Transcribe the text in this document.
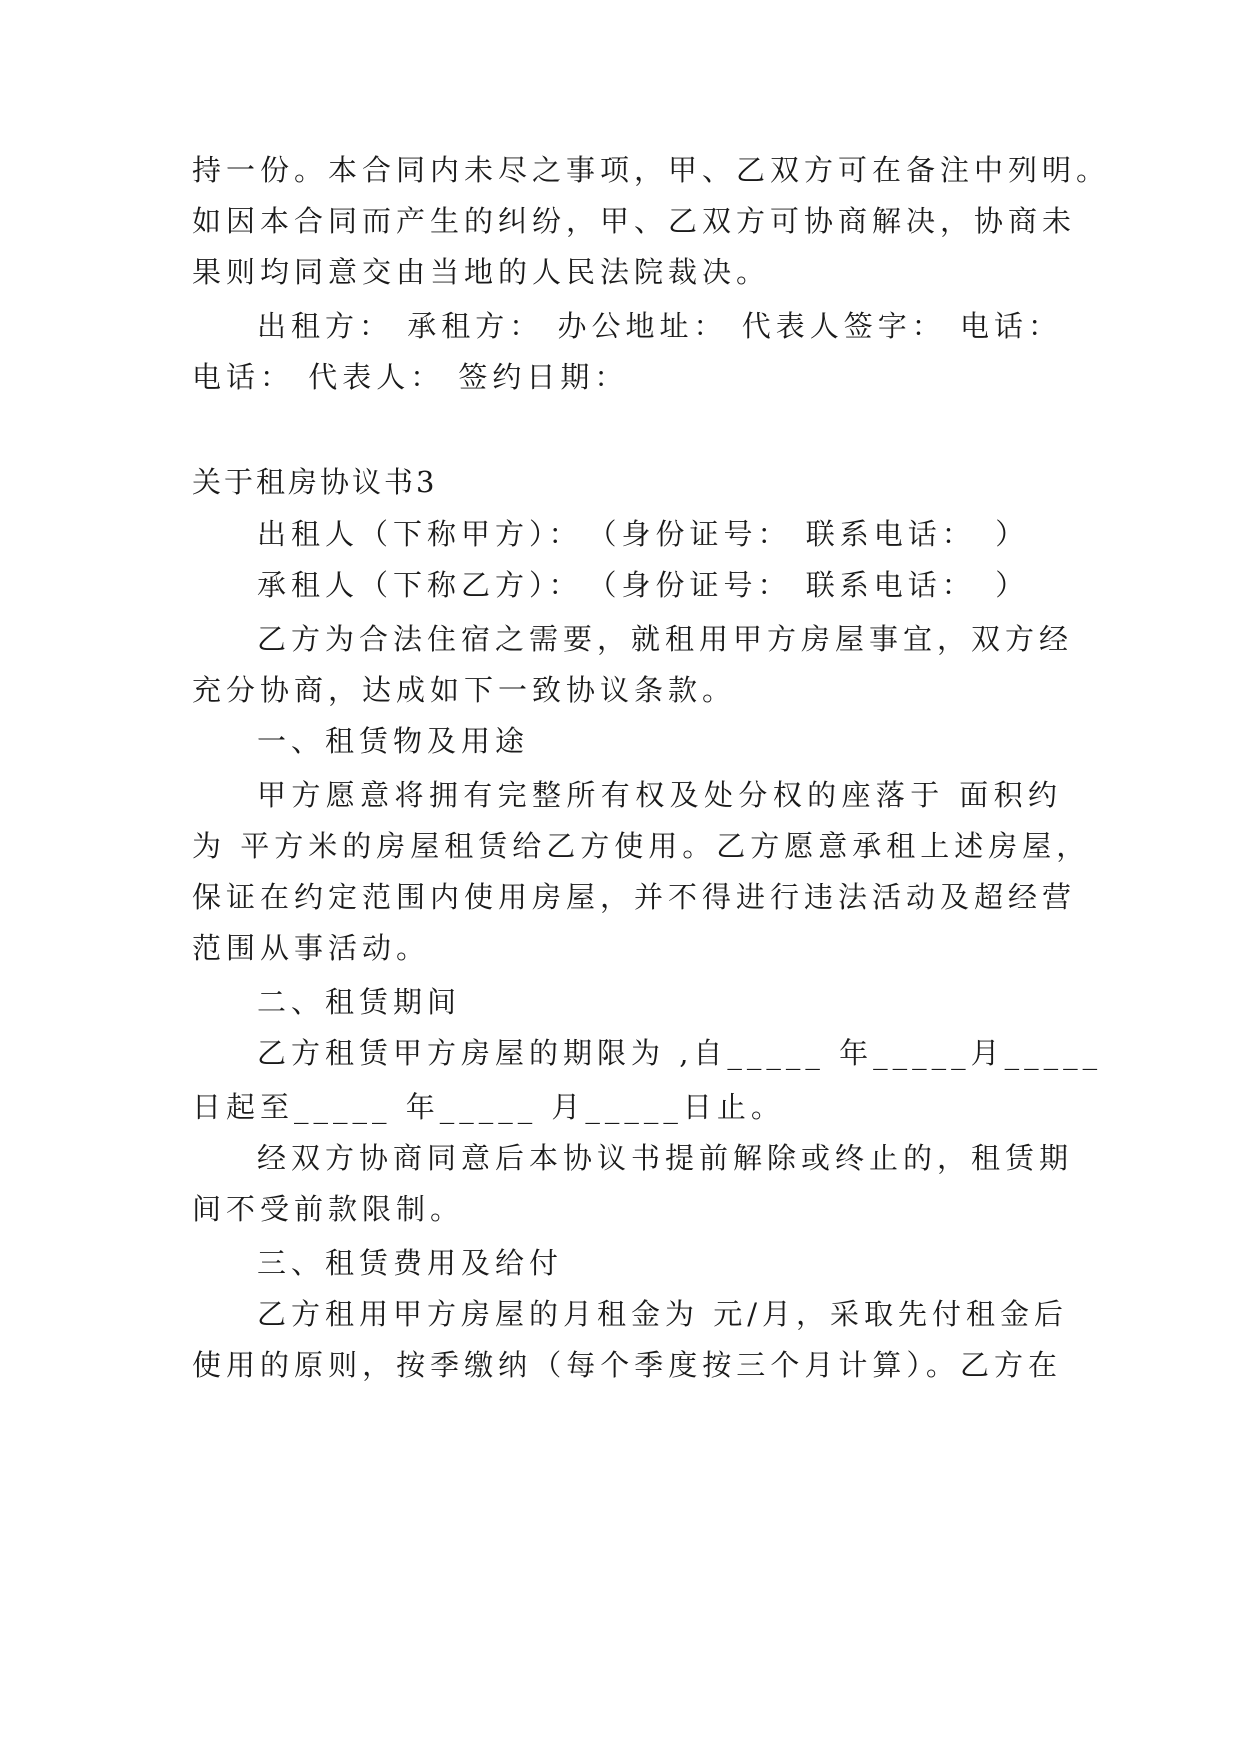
持一份。本合同内未尽之事项，甲、乙双方可在备注中列明。
如因本合同而产生的纠纷，甲、乙双方可协商解决，协商未
果则均同意交由当地的人民法院裁决。
出租方： 承租方： 办公地址： 代表人签字： 电话：
电话： 代表人： 签约日期：
关于租房协议书3
出租人（下称甲方）：　（身份证号： 联系电话：　）
承租人（下称乙方）：　（身份证号： 联系电话：　）
乙方为合法住宿之需要，就租用甲方房屋事宜，双方经
充分协商，达成如下一致协议条款。
一、租赁物及用途
甲方愿意将拥有完整所有权及处分权的座落于 面积约
为 平方米的房屋租赁给乙方使用。乙方愿意承租上述房屋，
保证在约定范围内使用房屋，并不得进行违法活动及超经营
范围从事活动。
二、租赁期间
乙方租赁甲方房屋的期限为 ,自_____ 年_____月_____
日起至_____ 年_____ 月_____日止。
经双方协商同意后本协议书提前解除或终止的，租赁期
间不受前款限制。
三、租赁费用及给付
乙方租用甲方房屋的月租金为 元/月，采取先付租金后
使用的原则，按季缴纳（每个季度按三个月计算）。乙方在
